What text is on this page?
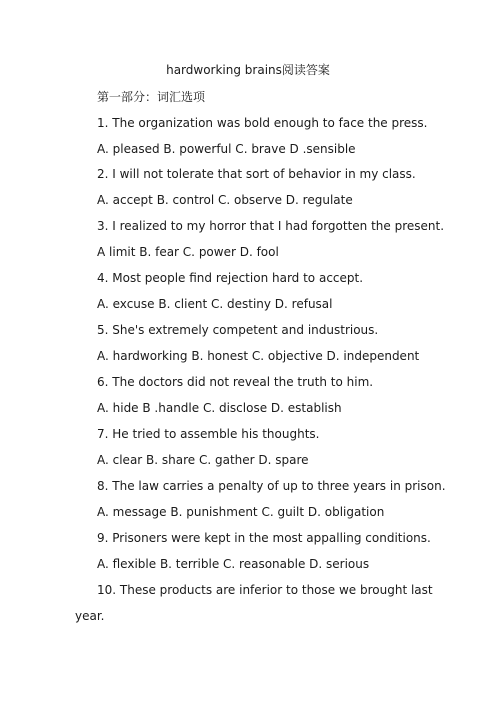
hardworking brains阅读答案
第一部分：词汇选项
1. The organization was bold enough to face the press.
A. pleased B. powerful C. brave D .sensible
2. I will not tolerate that sort of behavior in my class.
A. accept B. control C. observe D. regulate
3. I realized to my horror that I had forgotten the present.
A limit B. fear C. power D. fool
4. Most people find rejection hard to accept.
A. excuse B. client C. destiny D. refusal
5. She's extremely competent and industrious.
A. hardworking B. honest C. objective D. independent
6. The doctors did not reveal the truth to him.
A. hide B .handle C. disclose D. establish
7. He tried to assemble his thoughts.
A. clear B. share C. gather D. spare
8. The law carries a penalty of up to three years in prison.
A. message B. punishment C. guilt D. obligation
9. Prisoners were kept in the most appalling conditions.
A. flexible B. terrible C. reasonable D. serious
10. These products are inferior to those we brought last
year.
